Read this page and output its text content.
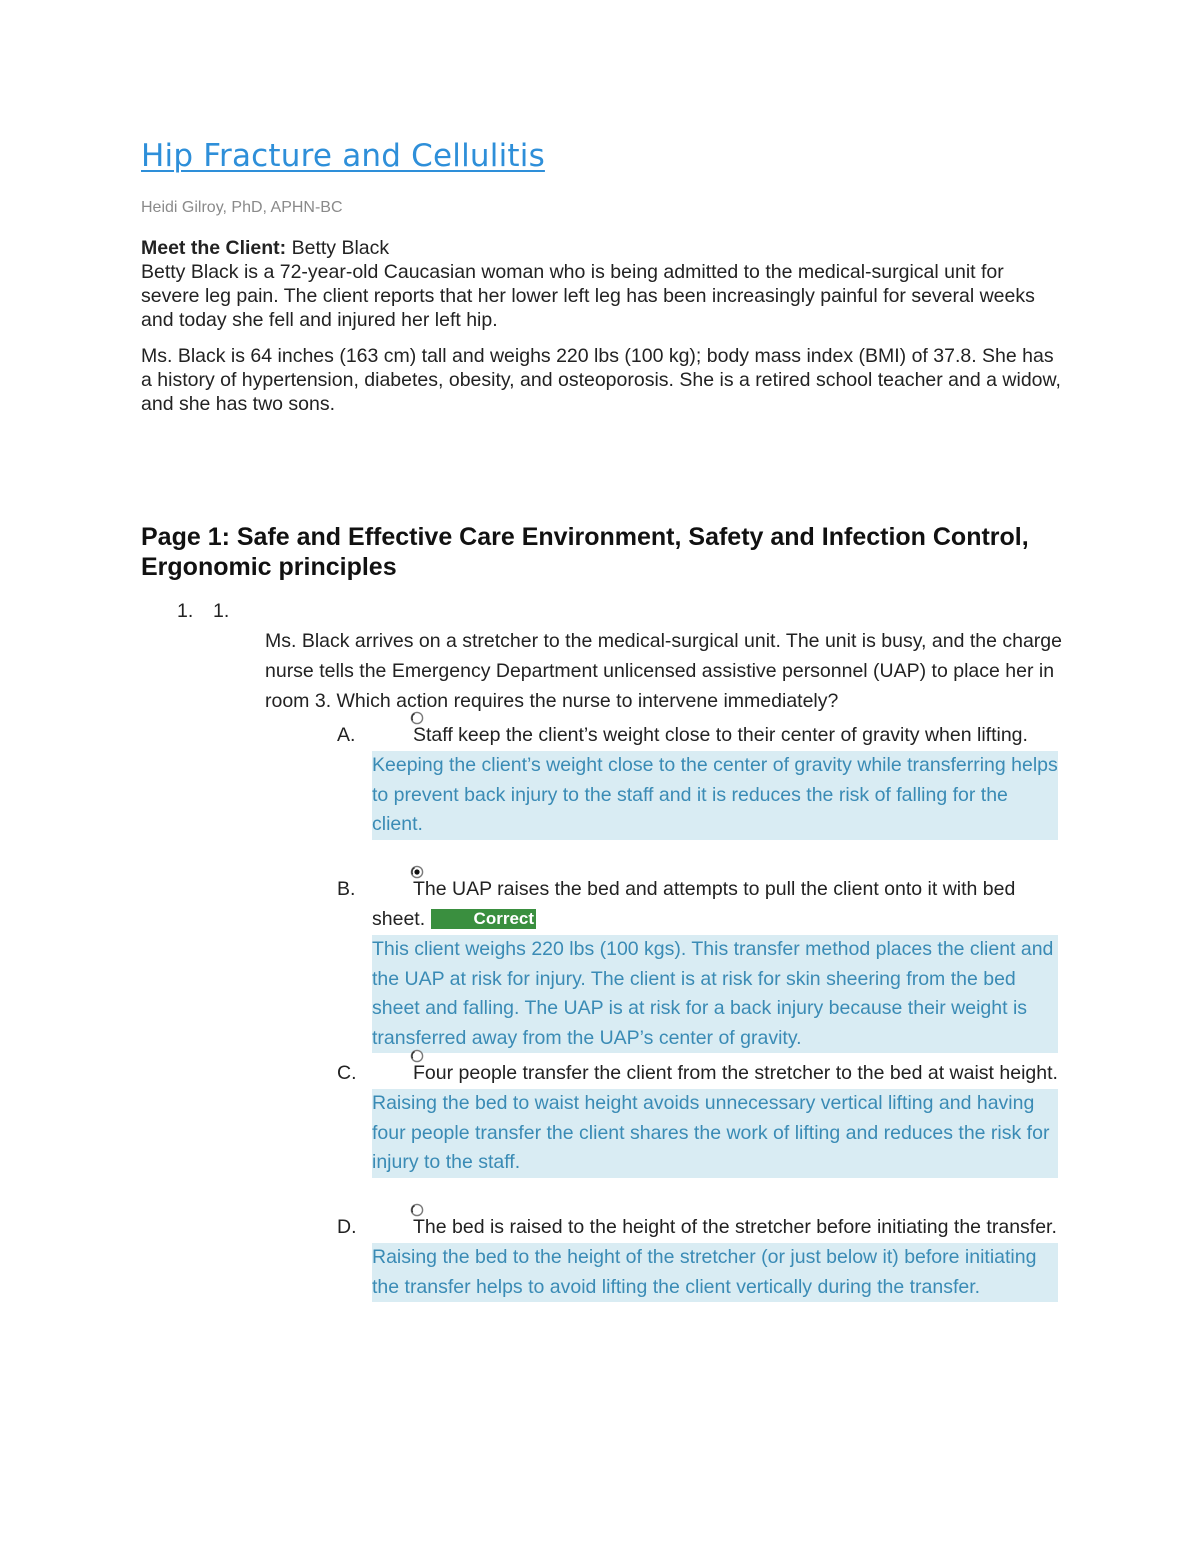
Hip Fracture and Cellulitis
Heidi Gilroy, PhD, APHN-BC

Meet the Client: Betty Black

Betty Black is a 72-year-old Caucasian woman who is being admitted to the medical-surgical unit for severe leg pain. The client reports that her lower left leg has been increasingly painful for several weeks and today she fell and injured her left hip.

Ms. Black is 64 inches (163 cm) tall and weighs 220 lbs (100 kg); body mass index (BMI) of 37.8. She has a history of hypertension, diabetes, obesity, and osteoporosis. She is a retired school teacher and a widow, and she has two sons.

Page 1: Safe and Effective Care Environment, Safety and Infection Control, Ergonomic principles
1. 1.
Ms. Black arrives on a stretcher to the medical-surgical unit. The unit is busy, and the charge nurse tells the Emergency Department unlicensed assistive personnel (UAP) to place her in room 3. Which action requires the nurse to intervene immediately?
A.	Staff keep the client’s weight close to their center of gravity when lifting.
Keeping the client’s weight close to the center of gravity while transferring helps to prevent back injury to the staff and it is reduces the risk of falling for the client.
B.	The UAP raises the bed and attempts to pull the client onto it with bed sheet.	Correct
This client weighs 220 lbs (100 kgs). This transfer method places the client and the UAP at risk for injury. The client is at risk for skin sheering from the bed sheet and falling. The UAP is at risk for a back injury because their weight is transferred away from the UAP’s center of gravity.
C.	Four people transfer the client from the stretcher to the bed at waist height.
Raising the bed to waist height avoids unnecessary vertical lifting and having four people transfer the client shares the work of lifting and reduces the risk for injury to the staff.
D.	The bed is raised to the height of the stretcher before initiating the transfer.
Raising the bed to the height of the stretcher (or just below it) before initiating the transfer helps to avoid lifting the client vertically during the transfer.
